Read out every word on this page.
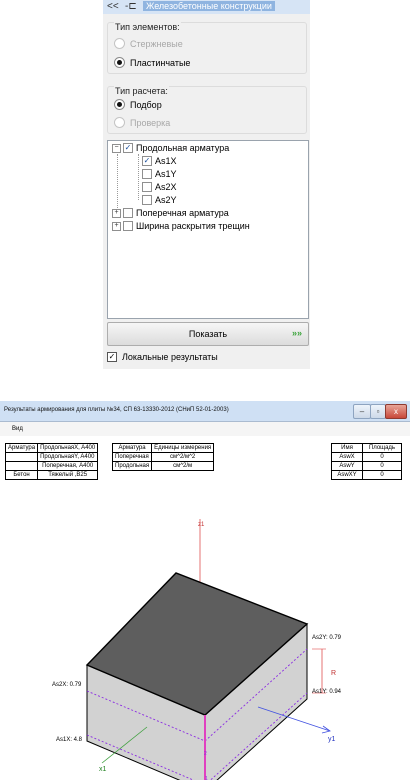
<< -⊏	Железобетонные конструкции
Тип элементов:
Стержневые
Пластинчатые
Тип расчета:
Подбор
Проверка
− ✓ Продольная арматура
✓ As1X
As1Y
As2X
As2Y
+ Поперечная арматура
+ Ширина раскрытия трещин
Показать	»»
✓ Локальные результаты
Результаты армирования для плиты №34, СП 63-13330-2012 (СНиП 52-01-2003)	–	▫	x
Вид
Арматура	ПродольнаяX, A400
	ПродольнаяY, A400
	Поперечная, A400
Бетон	Тяжелый ,B25
Арматура	Единицы измерения
Поперечная	см^2/м^2
Продольная	см^2/м
Имя	Площадь
AswX	0
AswY	0
AswXY	0
z1
y1
x1
As2Y: 0.79
As1Y: 0.94
As2X: 0.79
As1X: 4.8
R
1
2
